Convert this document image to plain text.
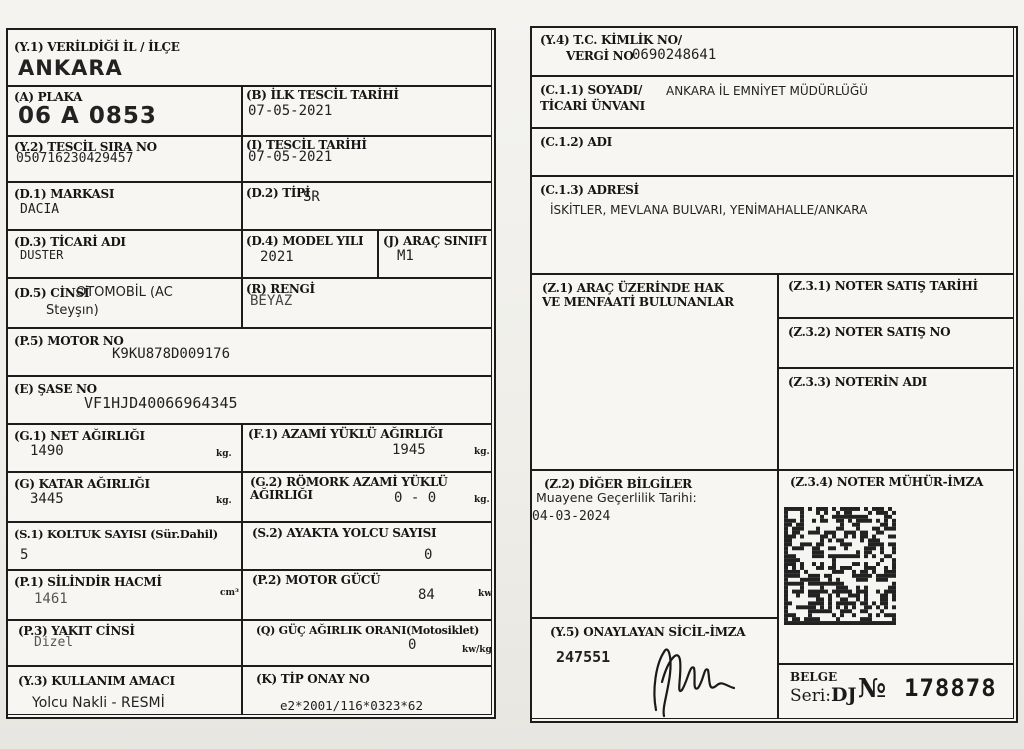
(Y.1) VERİLDİĞİ İL / İLÇE
ANKARA
(A) PLAKA
06 A 0853
(B) İLK TESCİL TARİHİ
07-05-2021
(Y.2) TESCİL SIRA NO
050716230429457
(I) TESCİL TARİHİ
07-05-2021
(D.1) MARKASI
DACIA
(D.2) TİPİ
SR
(D.3) TİCARİ ADI
DUSTER
(D.4) MODEL YILI
2021
(J) ARAÇ SINIFI
M1
(D.5) CİNSİ
OTOMOBİL (AC
Steyşın)
(R) RENGİ
BEYAZ
(P.5) MOTOR NO
K9KU878D009176
(E) ŞASE NO
VF1HJD40066964345
(G.1) NET AĞIRLIĞI
1490	kg.
(F.1) AZAMİ YÜKLÜ AĞIRLIĞI
1945	kg.
(G) KATAR AĞIRLIĞI
3445	kg.
(G.2) RÖMORK AZAMİ YÜKLÜ
AĞIRLIĞI	0 - 0	kg.
(S.1) KOLTUK SAYISI (Sür.Dahil)
5
(S.2) AYAKTA YOLCU SAYISI
0
(P.1) SİLİNDİR HACMİ
1461	cm³
(P.2) MOTOR GÜCÜ
84	kw
(P.3) YAKIT CİNSİ
Dizel
(Q) GÜÇ AĞIRLIK ORANI(Motosiklet)
0	kw/kg
(Y.3) KULLANIM AMACI
Yolcu Nakli - RESMİ
(K) TİP ONAY NO
e2*2001/116*0323*62
(Y.4) T.C. KİMLİK NO/
VERGİ NO
0690248641
(C.1.1) SOYADI/
TİCARİ ÜNVANI
ANKARA İL EMNİYET MÜDÜRLÜĞÜ
(C.1.2) ADI
(C.1.3) ADRESİ
İSKİTLER, MEVLANA BULVARI, YENİMAHALLE/ANKARA
(Z.1) ARAÇ ÜZERİNDE HAK
VE MENFAATİ BULUNANLAR
(Z.3.1) NOTER SATIŞ TARİHİ
(Z.3.2) NOTER SATIŞ NO
(Z.3.3) NOTERİN ADI
(Z.2) DİĞER BİLGİLER
Muayene Geçerlilik Tarihi:
04-03-2024
(Z.3.4) NOTER MÜHÜR-İMZA
(Y.5) ONAYLAYAN SİCİL-İMZA
247551
BELGE
Seri:DJ № 178878
